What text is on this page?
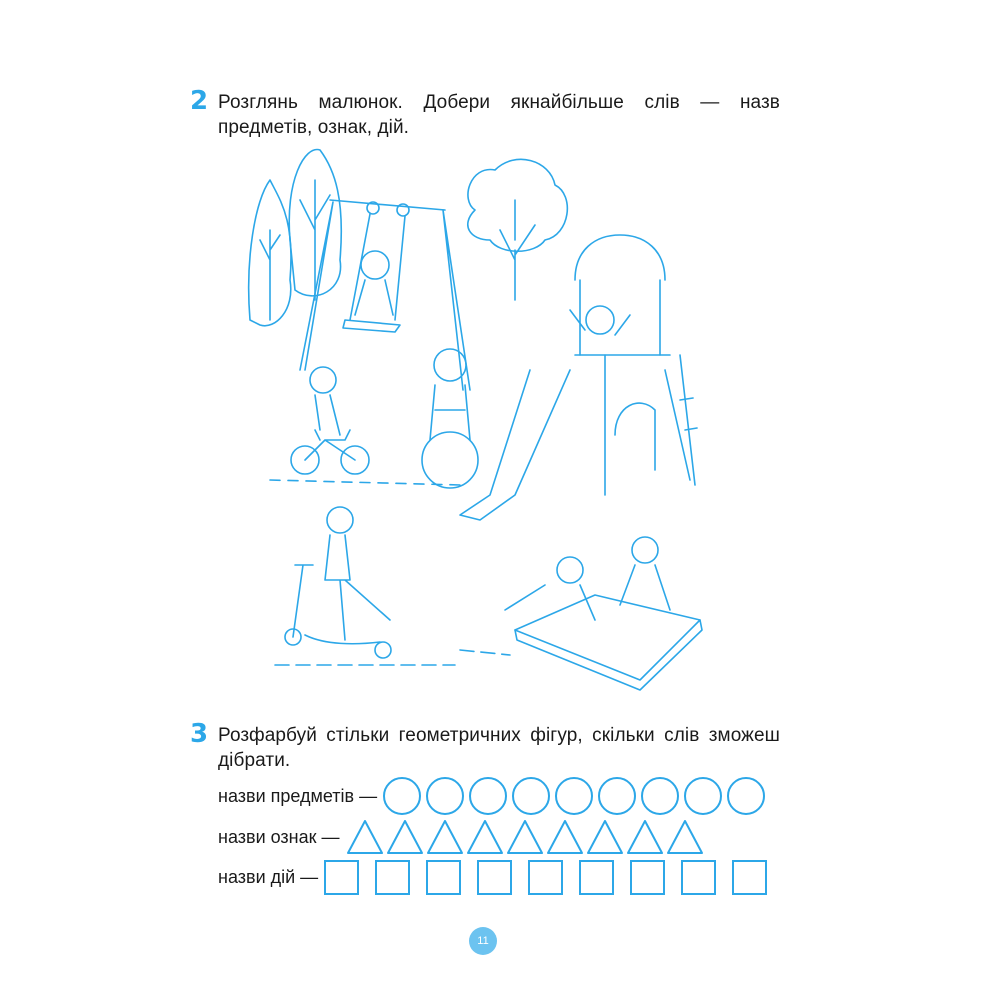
2 Розглянь малюнок. Добери якнайбільше слів — назв предметів, ознак, дій.
3 Розфарбуй стільки геометричних фігур, скільки слів зможеш дібрати.
назви предметів —
назви ознак —
назви дій —
11
